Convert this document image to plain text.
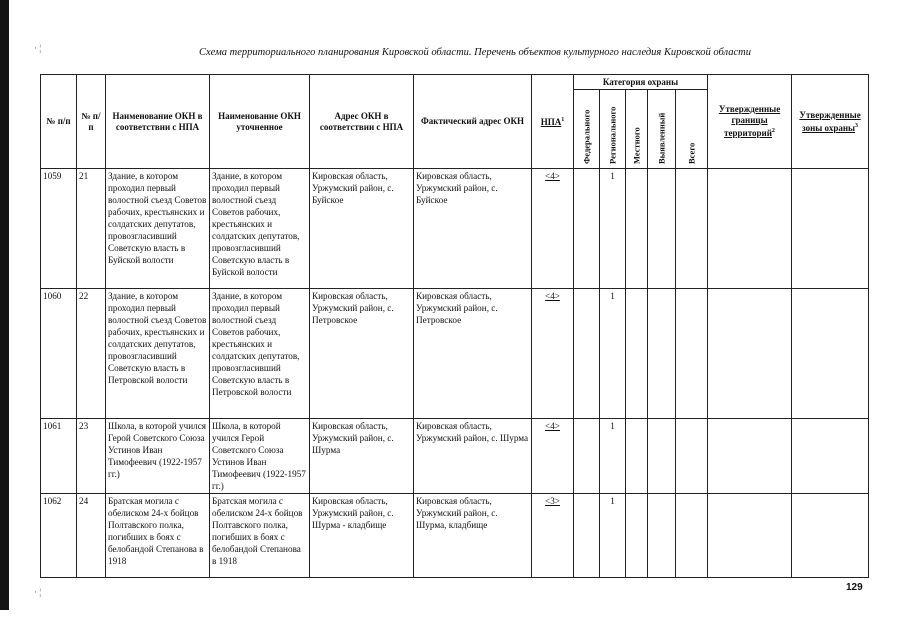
· ¦
· ¦
Схема территориального планирования Кировской области. Перечень объектов культурного наследия Кировской области
№ п/п	№ п/п	Наименование ОКН в соответствии с НПА	Наименование ОКН уточненное	Адрес ОКН в соответствии с НПА	Фактический адрес ОКН	НПА$^1$	Категория охраны					Утвержденные границы территорий$^2$	Утвержденные зоны охраны$^3$

							Федерального	Регионального	Местного	Выявленный	Всего		

1059	21	Здание, в котором проходил первый волостной съезд Советов рабочих, крестьянских и солдатских депутатов, провозгласивший Советскую власть в Буйской волости	Здание, в котором проходил первый волостной съезд Советов рабочих, крестьянских и солдатских депутатов, провозгласивший Советскую власть в Буйской волости	Кировская область, Уржумский район, с. Буйское	Кировская область, Уржумский район, с. Буйское	<4>		1					
1060	22	Здание, в котором проходил первый волостной съезд Советов рабочих, крестьянских и солдатских депутатов, провозгласивший Советскую власть в Петровской волости	Здание, в котором проходил первый волостной съезд Советов рабочих, крестьянских и солдатских депутатов, провозгласивший Советскую власть в Петровской волости	Кировская область, Уржумский район, с. Петровское	Кировская область, Уржумский район, с. Петровское	<4>		1					
1061	23	Школа, в которой учился Герой Советского Союза Устинов Иван Тимофеевич (1922-1957 гг.)	Школа, в которой учился Герой Советского Союза Устинов Иван Тимофеевич (1922-1957 гг.)	Кировская область, Уржумский район, с. Шурма	Кировская область, Уржумский район, с. Шурма	<4>		1					
1062	24	Братская могила с обелиском 24-х бойцов Полтавского полка, погибших в боях с белобандой Степанова в 1918	Братская могила с обелиском 24-х бойцов Полтавского полка, погибших в боях с белобандой Степанова в 1918	Кировская область, Уржумский район, с. Шурма - кладбище	Кировская область, Уржумский район, с. Шурма, кладбище	<3>		1					
129
